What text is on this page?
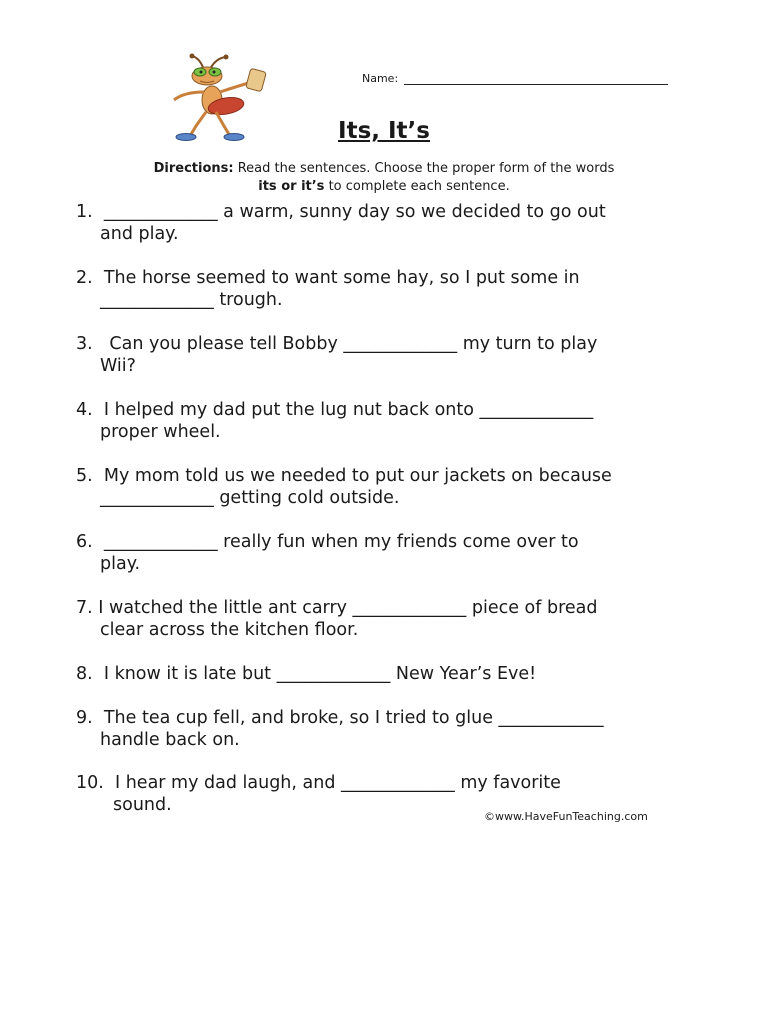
Name:
Its, It’s
Directions: Read the sentences. Choose the proper form of the words
its or it’s to complete each sentence.
1. _____________ a warm, sunny day so we decided to go out
and play.
2. The horse seemed to want some hay, so I put some in
_____________ trough.
3. Can you please tell Bobby _____________ my turn to play
Wii?
4. I helped my dad put the lug nut back onto _____________
proper wheel.
5. My mom told us we needed to put our jackets on because
_____________ getting cold outside.
6. _____________ really fun when my friends come over to
play.
7. I watched the little ant carry _____________ piece of bread
clear across the kitchen floor.
8. I know it is late but _____________ New Year’s Eve!
9. The tea cup fell, and broke, so I tried to glue ____________
handle back on.
10. I hear my dad laugh, and _____________ my favorite
sound.
©www.HaveFunTeaching.com
